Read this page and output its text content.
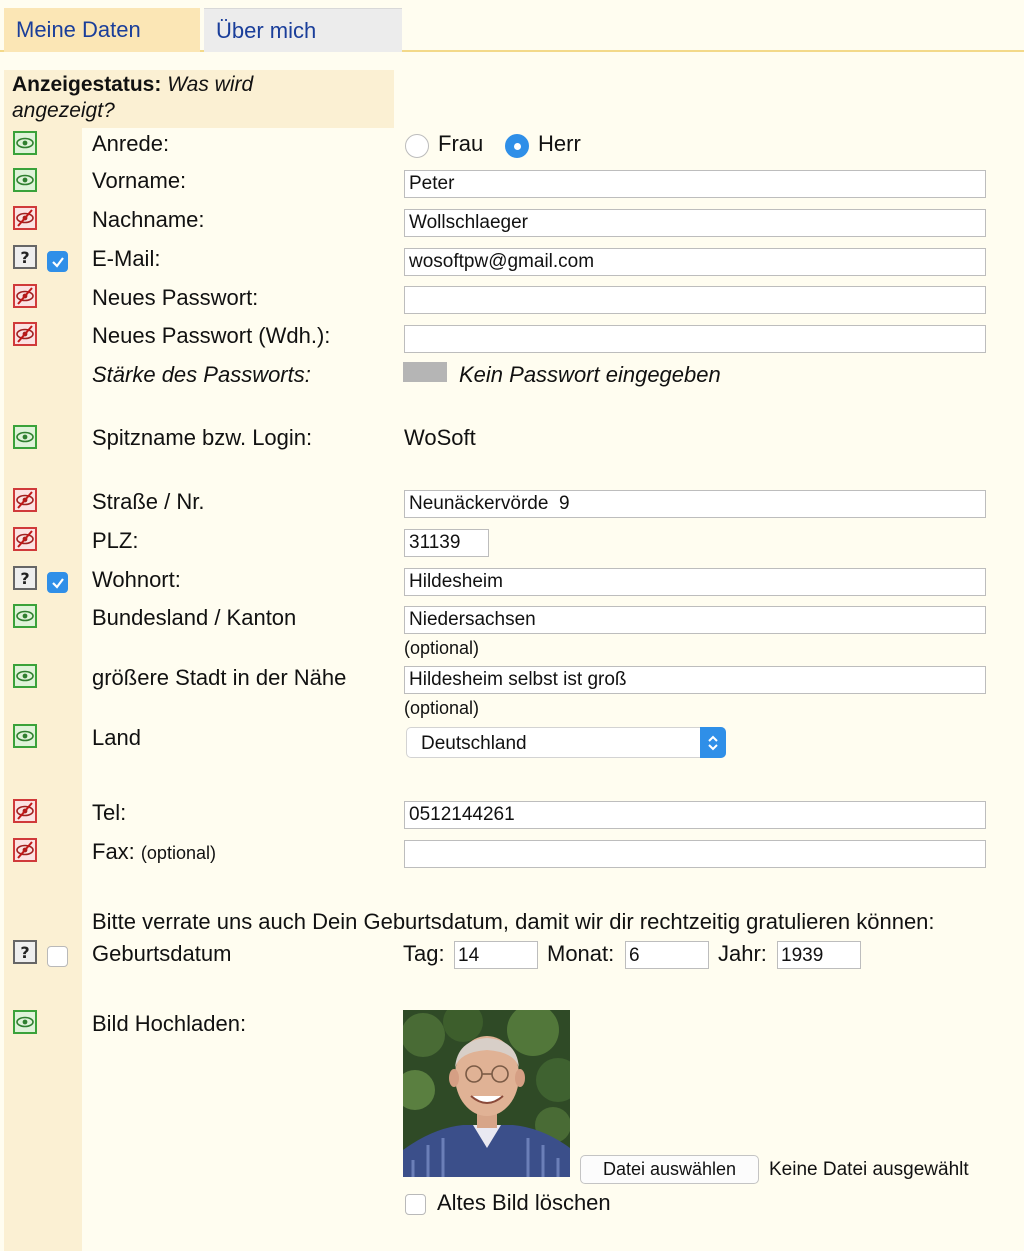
Meine Daten	Über mich
Anzeigestatus: Was wird
angezeigt?
Anrede:	Frau Herr
Vorname:	Peter
Nachname:	Wollschlaeger
?	E-Mail:	wosoftpw@gmail.com
Neues Passwort:
Neues Passwort (Wdh.):
Stärke des Passworts:	Kein Passwort eingegeben
Spitzname bzw. Login:	WoSoft
Straße / Nr.	Neunäckervörde  9
PLZ:	31139
?	Wohnort:	Hildesheim
Bundesland / Kanton	Niedersachsen
(optional)
größere Stadt in der Nähe	Hildesheim selbst ist groß
(optional)
Land	Deutschland
Tel:	0512144261
Fax: (optional)
Bitte verrate uns auch Dein Geburtsdatum, damit wir dir rechtzeitig gratulieren können:
?	Geburtsdatum	Tag: 14	Monat: 6	Jahr: 1939
Bild Hochladen:
Datei auswählen	Keine Datei ausgewählt
Altes Bild löschen
